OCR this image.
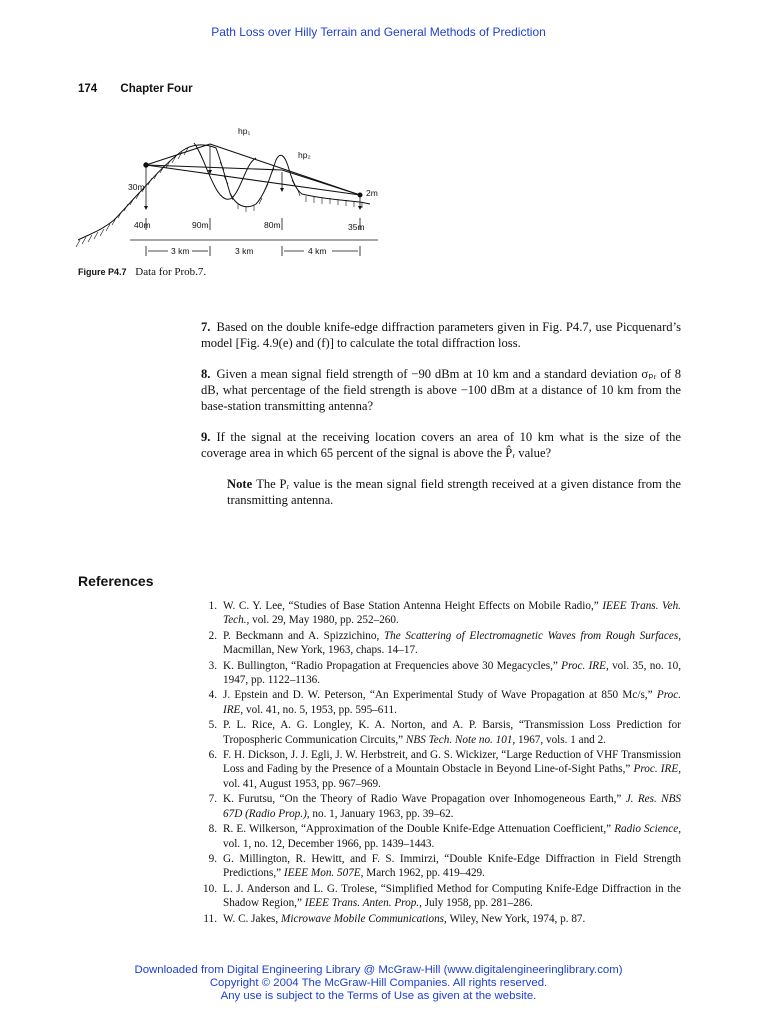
Path Loss over Hilly Terrain and General Methods of Prediction
174 Chapter Four
hp₁
hp₂
30m
2m
40m	90m	80m	35m
3 km	3 km	4 km
Figure P4.7 Data for Prob.7.

7. Based on the double knife-edge diffraction parameters given in Fig. P4.7, use Picquenard’s model [Fig. 4.9(e) and (f)] to calculate the total diffraction loss.

8. Given a mean signal field strength of −90 dBm at 10 km and a standard deviation σₚᵣ of 8 dB, what percentage of the field strength is above −100 dBm at a distance of 10 km from the base-station transmitting antenna?

9. If the signal at the receiving location covers an area of 10 km what is the size of the coverage area in which 65 percent of the signal is above the P̂ᵣ value?

Note The Pᵣ value is the mean signal field strength received at a given distance from the transmitting antenna.

References
1. W. C. Y. Lee, “Studies of Base Station Antenna Height Effects on Mobile Radio,” IEEE Trans. Veh. Tech., vol. 29, May 1980, pp. 252–260.
2. P. Beckmann and A. Spizzichino, The Scattering of Electromagnetic Waves from Rough Surfaces, Macmillan, New York, 1963, chaps. 14–17.
3. K. Bullington, “Radio Propagation at Frequencies above 30 Megacycles,” Proc. IRE, vol. 35, no. 10, 1947, pp. 1122–1136.
4. J. Epstein and D. W. Peterson, “An Experimental Study of Wave Propagation at 850 Mc/s,” Proc. IRE, vol. 41, no. 5, 1953, pp. 595–611.
5. P. L. Rice, A. G. Longley, K. A. Norton, and A. P. Barsis, “Transmission Loss Prediction for Tropospheric Communication Circuits,” NBS Tech. Note no. 101, 1967, vols. 1 and 2.
6. F. H. Dickson, J. J. Egli, J. W. Herbstreit, and G. S. Wickizer, “Large Reduction of VHF Transmission Loss and Fading by the Presence of a Mountain Obstacle in Beyond Line-of-Sight Paths,” Proc. IRE, vol. 41, August 1953, pp. 967–969.
7. K. Furutsu, “On the Theory of Radio Wave Propagation over Inhomogeneous Earth,” J. Res. NBS 67D (Radio Prop.), no. 1, January 1963, pp. 39–62.
8. R. E. Wilkerson, “Approximation of the Double Knife-Edge Attenuation Coefficient,” Radio Science, vol. 1, no. 12, December 1966, pp. 1439–1443.
9. G. Millington, R. Hewitt, and F. S. Immirzi, “Double Knife-Edge Diffraction in Field Strength Predictions,” IEEE Mon. 507E, March 1962, pp. 419–429.
10. L. J. Anderson and L. G. Trolese, “Simplified Method for Computing Knife-Edge Diffraction in the Shadow Region,” IEEE Trans. Anten. Prop., July 1958, pp. 281–286.
11. W. C. Jakes, Microwave Mobile Communications, Wiley, New York, 1974, p. 87.
Downloaded from Digital Engineering Library @ McGraw-Hill (www.digitalengineeringlibrary.com)
Copyright © 2004 The McGraw-Hill Companies. All rights reserved.
Any use is subject to the Terms of Use as given at the website.
